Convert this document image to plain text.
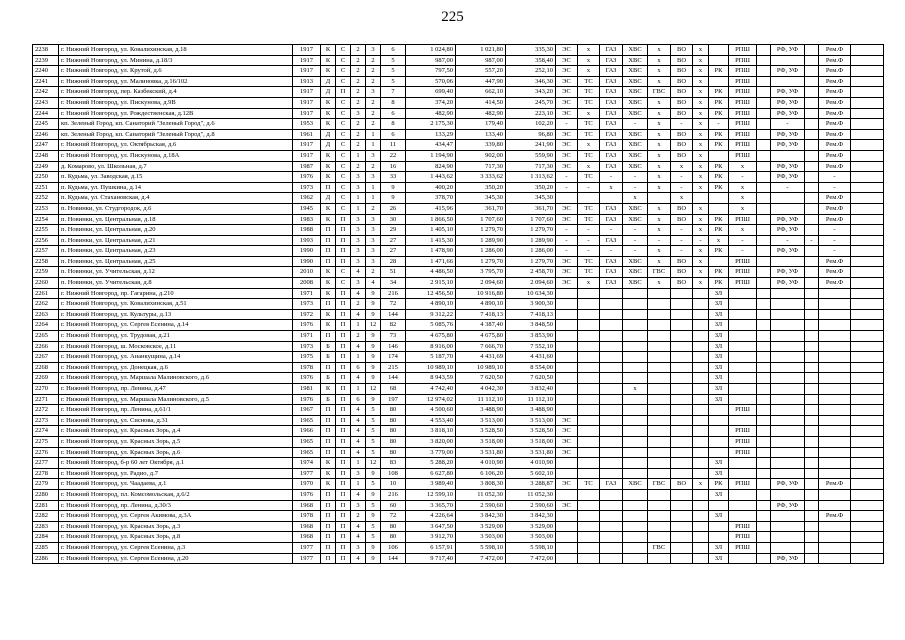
225
2238	г. Нижний Новгород, ул. Ковалихинская, д.18	1917	К	С	2	3	6	1 024,80	1 021,80	335,30	ЭС	х	ГАЗ	ХВС	х	ВО	х		РПШ		РФ, УФ		Рем.Ф	
2239	г. Нижний Новгород, ул. Минина, д.18/3	1917	К	С	2	2	5	987,00	987,00	358,40	ЭС	х	ГАЗ	ХВС	х	ВО	х		РПШ				Рем.Ф	
2240	г. Нижний Новгород, ул. Крутой, д.6	1917	К	С	2	2	5	797,50	557,20	252,10	ЭС	х	ГАЗ	ХВС	х	ВО	х	РК	РПШ		РФ, УФ		Рем.Ф	
2241	г. Нижний Новгород, ул. Малиновка, д.16/102	1913	Д	С	2	2	5	570,06	447,90	346,30	ЭС	ТС	ГАЗ	ХВС	х	ВО	х		РПШ				Рем.Ф	
2242	г. Нижний Новгород, пер. Казбекский, д.4	1917	Д	П	2	3	7	699,40	662,10	343,20	ЭС	ТС	ГАЗ	ХВС	ГВС	ВО	х	РК	РПШ		РФ, УФ		Рем.Ф	
2243	г. Нижний Новгород, ул. Пискунова, д.9В	1917	К	С	2	2	8	374,20	414,50	245,70	ЭС	ТС	ГАЗ	ХВС	х	ВО	х	РК	РПШ		РФ, УФ		Рем.Ф	
2244	г. Нижний Новгород, ул. Рождественская, д.12В	1917	К	С	3	2	6	482,90	482,90	223,10	ЭС	х	ГАЗ	ХВС	х	ВО	х	РК	РПШ		РФ, УФ		Рем.Ф	
2245	кп. Зеленый Город, кп. Санаторий "Зеленый Город", д.6	1953	К	С	2	2	8	2 175,30	179,40	102,20	-	ТС	ГАЗ	-	х	-	х	-	РПШ		-		Рем.Ф	
2246	кп. Зеленый Город, кп. Санаторий "Зеленый Город", д.8	1961	Д	С	2	1	6	133,29	133,40	96,80	ЭС	ТС	ГАЗ	ХВС	х	ВО	х	РК	РПШ		РФ, УФ		Рем.Ф	
2247	г. Нижний Новгород, ул. Октябрьская, д.6	1917	Д	С	2	1	11	434,47	339,80	241,90	ЭС	х	ГАЗ	ХВС	х	ВО	х	РК	РПШ		РФ, УФ		Рем.Ф	
2248	г. Нижний Новгород, ул. Пискунова, д.18А	1917	К	С	1	3	22	1 194,90	902,00	559,90	ЭС	ТС	ГАЗ	ХВС	х	ВО	х		РПШ				Рем.Ф	
2249	д. Комарово, ул. Школьная, д.7	1987	К	С	2	2	16	824,90	717,30	717,30	ЭС	х	ГАЗ	ХВС	х	х	х	РК	х		РФ, УФ		Рем.Ф	
2250	п. Кудьма, ул. Заводская, д.15	1976	К	С	3	3	33	1 443,62	3 333,62	1 313,62	-	ТС	-	-	х	-	х	РК	-		РФ, УФ		-	
2251	п. Кудьма, ул. Пушкина, д.14	1973	П	С	3	1	9	400,20	350,20	350,20	-	-	х	-	х	-	х	РК	х		-		-	
2252	п. Кудьма, ул. Стахановская, д.4	1962	Д	С	1	1	9	378,70	345,30	345,30				х		х			х				Рем.Ф	
2253	п. Новинки, ул. Студгородок, д.6	1945	К	С	1	2	26	415,96	361,70	361,70	ЭС	ТС	ГАЗ	ХВС	х	ВО	х		х				Рем.Ф	
2254	п. Новинки, ул. Центральная, д.18	1983	К	П	3	3	30	1 866,50	1 707,60	1 707,60	ЭС	ТС	ГАЗ	ХВС	х	ВО	х	РК	РПШ		РФ, УФ		Рем.Ф	
2255	п. Новинки, ул. Центральная, д.20	1988	П	П	3	3	29	1 405,10	1 279,70	1 279,70	-	-	-	-	х	-	х	РК	х		РФ, УФ		-	
2256	п. Новинки, ул. Центральная, д.21	1993	П	П	3	3	27	1 415,30	1 289,90	1 289,90	-	-	ГАЗ	-	-	-	-	х	-		-	-	-	
2257	п. Новинки, ул. Центральная, д.23	1990	П	П	3	3	27	1 478,90	1 286,00	1 286,00	-	-	-	-	х	-	х	РК	-		РФ, УФ		-	
2258	п. Новинки, ул. Центральная, д.25	1990	П	П	3	3	28	1 471,66	1 279,70	1 279,70	ЭС	ТС	ГАЗ	ХВС	х	ВО	х		РПШ				Рем.Ф	
2259	п. Новинки, ул. Учительская, д.12	2010	К	С	4	2	51	4 486,50	3 795,70	2 458,70	ЭС	ТС	ГАЗ	ХВС	ГВС	ВО	х	РК	РПШ		РФ, УФ		Рем.Ф	
2260	п. Новинки, ул. Учительская, д.8	2008	К	С	3	4	34	2 915,10	2 094,60	2 094,60	ЭС	х	ГАЗ	ХВС	х	ВО	х	РК	РПШ		РФ, УФ		Рем.Ф	
2261	г. Нижний Новгород, пр. Гагарина, д.210	1971	К	П	4	9	216	12 456,50	10 916,80	10 634,30								ЗЛ						
2262	г. Нижний Новгород, ул. Ковалихинская, д.51	1973	П	П	2	9	72	4 890,10	4 890,10	3 900,30								ЗЛ						
2263	г. Нижний Новгород, ул. Культуры, д.13	1972	К	П	4	9	144	9 312,22	7 418,13	7 418,13								ЗЛ						
2264	г. Нижний Новгород, ул. Сергея Есенина, д.14	1976	К	П	1	12	82	5 085,76	4 387,40	3 848,50								ЗЛ						
2265	г. Нижний Новгород, ул. Трудовая, д.21	1971	П	П	2	9	73	4 675,80	4 675,80	3 853,90								ЗЛ						
2266	г. Нижний Новгород, ш. Московское, д.11	1973	Б	П	4	9	146	8 916,00	7 666,70	7 552,10								ЗЛ						
2267	г. Нижний Новгород, ул. Ананкущина, д.14	1975	Б	П	1	9	174	5 187,70	4 431,69	4 431,60								ЗЛ						
2268	г. Нижний Новгород, ул. Донецкая, д.6	1978	П	П	6	9	215	10 989,10	10 989,10	8 554,00								ЗЛ						
2269	г. Нижний Новгород, ул. Маршала Малиновского, д.6	1976	Б	П	4	9	144	8 943,59	7 620,50	7 620,50								ЗЛ						
2270	г. Нижний Новгород, пр. Ленина, д.47	1981	К	П	1	12	68	4 742,40	4 042,30	3 832,40				х				ЗЛ						
2271	г. Нижний Новгород, ул. Маршала Малиновского, д.5	1976	Б	П	6	9	197	12 974,02	11 112,10	11 112,10								ЗЛ						
2272	г. Нижний Новгород, пр. Ленина, д.61/1	1967	П	П	4	5	80	4 500,60	3 488,90	3 488,90									РПШ					
2273	г. Нижний Новгород, ул. Сиснова, д.31	1965	П	П	4	5	80	4 553,40	3 513,00	3 513,00	ЭС													
2274	г. Нижний Новгород, ул. Красных Зорь, д.4	1966	П	П	4	5	80	3 818,10	3 528,50	3 528,50	ЭС								РПШ					
2275	г. Нижний Новгород, ул. Красных Зорь, д.5	1965	П	П	4	5	80	3 820,00	3 518,00	3 518,00	ЭС								РПШ					
2276	г. Нижний Новгород, ул. Красных Зорь, д.6	1965	П	П	4	5	80	3 779,00	3 531,80	3 531,80	ЭС								РПШ					
2277	г. Нижний Новгород, б-р 60 лет Октября, д.1	1974	К	П	1	12	83	5 288,20	4 010,90	4 010,90								ЗЛ						
2278	г. Нижний Новгород, ул. Радио, д.7	1977	К	П	3	9	108	6 627,80	6 106,20	5 602,10								ЗЛ						
2279	г. Нижний Новгород, ул. Чаадаева, д.1	1970	К	П	1	5	10	3 989,40	3 808,30	3 288,87	ЭС	ТС	ГАЗ	ХВС	ГВС	ВО	х	РК	РПШ		РФ, УФ		Рем.Ф	
2280	г. Нижний Новгород, пл. Комсомольская, д.6/2	1976	П	П	4	9	216	12 599,10	11 052,30	11 052,30								ЗЛ						
2281	г. Нижний Новгород, пр. Ленина, д.30/3	1968	П	П	3	5	60	3 365,70	2 590,60	2 590,60	ЭС										РФ, УФ			
2282	г. Нижний Новгород, ул. Сергея Акимова, д.3А	1978	П	П	2	9	72	4 226,64	3 842,30	3 842,30								ЗЛ					Рем.Ф	
2283	г. Нижний Новгород, ул. Красных Зорь, д.3	1968	П	П	4	5	80	3 647,50	3 529,00	3 529,00									РПШ					
2284	г. Нижний Новгород, ул. Красных Зорь, д.8	1968	П	П	4	5	80	3 912,70	3 503,00	3 503,00									РПШ					
2285	г. Нижний Новгород, ул. Сергея Есенина, д.3	1977	П	П	3	9	106	6 157,91	5 598,10	5 598,10					ГВС			ЗЛ	РПШ					
2286	г. Нижний Новгород, ул. Сергея Есенина, д.20	1977	П	П	4	9	144	9 717,40	7 472,00	7 472,00								ЗЛ			РФ, УФ			
